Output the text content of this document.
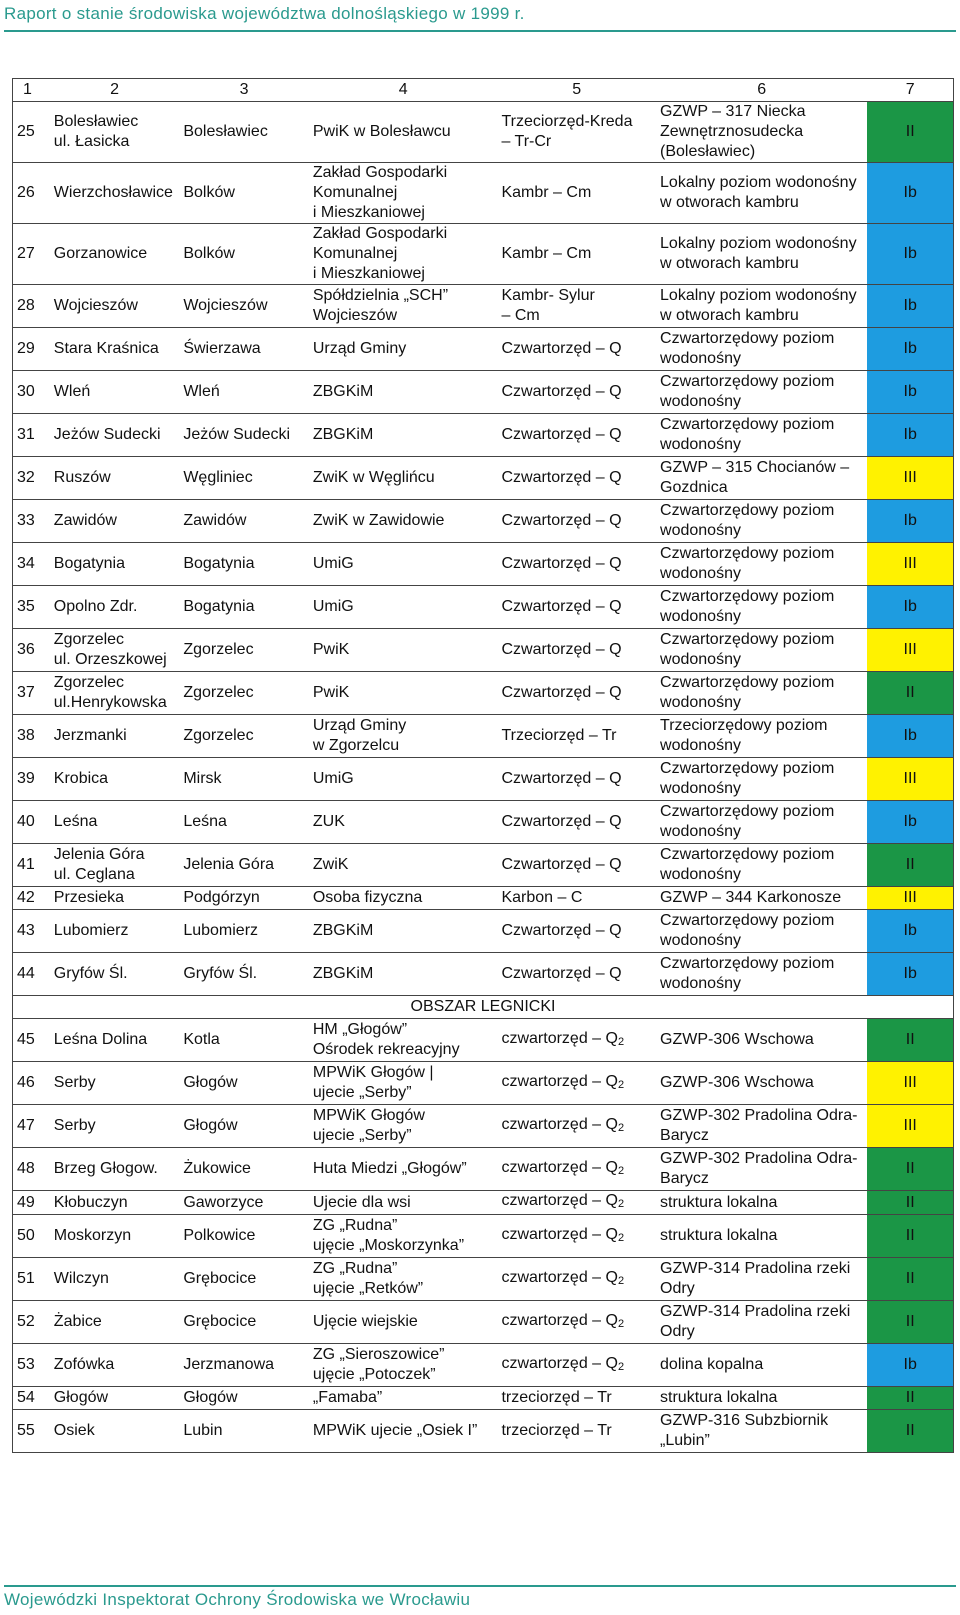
Raport o stanie środowiska województwa dolnośląskiego w 1999 r.
1	2	3	4	5	6	7
25	Bolesławiec
ul. Łasicka	Bolesławiec	PwiK w Bolesławcu	Trzeciorzęd-Kreda
– Tr-Cr	GZWP – 317 Niecka
Zewnętrznosudecka
(Bolesławiec)	II
26	Wierzchosławice	Bolków	Zakład Gospodarki
Komunalnej
i Mieszkaniowej	Kambr – Cm	Lokalny poziom wodonośny
w otworach kambru	Ib
27	Gorzanowice	Bolków	Zakład Gospodarki
Komunalnej
i Mieszkaniowej	Kambr – Cm	Lokalny poziom wodonośny
w otworach kambru	Ib
28	Wojcieszów	Wojcieszów	Spółdzielnia „SCH”
Wojcieszów	Kambr- Sylur
– Cm	Lokalny poziom wodonośny
w otworach kambru	Ib
29	Stara Kraśnica	Świerzawa	Urząd Gminy	Czwartorzęd – Q	Czwartorzędowy poziom
wodonośny	Ib
30	Wleń	Wleń	ZBGKiM	Czwartorzęd – Q	Czwartorzędowy poziom
wodonośny	Ib
31	Jeżów Sudecki	Jeżów Sudecki	ZBGKiM	Czwartorzęd – Q	Czwartorzędowy poziom
wodonośny	Ib
32	Ruszów	Węgliniec	ZwiK w Węglińcu	Czwartorzęd – Q	GZWP – 315 Chocianów –
Gozdnica	III
33	Zawidów	Zawidów	ZwiK w Zawidowie	Czwartorzęd – Q	Czwartorzędowy poziom
wodonośny	Ib
34	Bogatynia	Bogatynia	UmiG	Czwartorzęd – Q	Czwartorzędowy poziom
wodonośny	III
35	Opolno Zdr.	Bogatynia	UmiG	Czwartorzęd – Q	Czwartorzędowy poziom
wodonośny	Ib
36	Zgorzelec
ul. Orzeszkowej	Zgorzelec	PwiK	Czwartorzęd – Q	Czwartorzędowy poziom
wodonośny	III
37	Zgorzelec
ul.Henrykowska	Zgorzelec	PwiK	Czwartorzęd – Q	Czwartorzędowy poziom
wodonośny	II
38	Jerzmanki	Zgorzelec	Urząd Gminy
w Zgorzelcu	Trzeciorzęd – Tr	Trzeciorzędowy poziom
wodonośny	Ib
39	Krobica	Mirsk	UmiG	Czwartorzęd – Q	Czwartorzędowy poziom
wodonośny	III
40	Leśna	Leśna	ZUK	Czwartorzęd – Q	Czwartorzędowy poziom
wodonośny	Ib
41	Jelenia Góra
ul. Ceglana	Jelenia Góra	ZwiK	Czwartorzęd – Q	Czwartorzędowy poziom
wodonośny	II
42	Przesieka	Podgórzyn	Osoba fizyczna	Karbon – C	GZWP – 344 Karkonosze	III
43	Lubomierz	Lubomierz	ZBGKiM	Czwartorzęd – Q	Czwartorzędowy poziom
wodonośny	Ib
44	Gryfów Śl.	Gryfów Śl.	ZBGKiM	Czwartorzęd – Q	Czwartorzędowy poziom
wodonośny	Ib
OBSZAR LEGNICKI						
45	Leśna Dolina	Kotla	HM „Głogów”
Ośrodek rekreacyjny	czwartorzęd – Q2	GZWP-306 Wschowa	II
46	Serby	Głogów	MPWiK Głogów |
ujecie „Serby”	czwartorzęd – Q2	GZWP-306 Wschowa	III
47	Serby	Głogów	MPWiK Głogów
ujecie „Serby”	czwartorzęd – Q2	GZWP-302 Pradolina Odra-
Barycz	III
48	Brzeg Głogow.	Żukowice	Huta Miedzi „Głogów”	czwartorzęd – Q2	GZWP-302 Pradolina Odra-
Barycz	II
49	Kłobuczyn	Gaworzyce	Ujecie dla wsi	czwartorzęd – Q2	struktura lokalna	II
50	Moskorzyn	Polkowice	ZG „Rudna”
ujęcie „Moskorzynka”	czwartorzęd – Q2	struktura lokalna	II
51	Wilczyn	Grębocice	ZG „Rudna”
ujęcie „Retków”	czwartorzęd – Q2	GZWP-314 Pradolina rzeki
Odry	II
52	Żabice	Grębocice	Ujęcie wiejskie	czwartorzęd – Q2	GZWP-314 Pradolina rzeki
Odry	II
53	Zofówka	Jerzmanowa	ZG „Sieroszowice”
ujęcie „Potoczek”	czwartorzęd – Q2	dolina kopalna	Ib
54	Głogów	Głogów	„Famaba”	trzeciorzęd – Tr	struktura lokalna	II
55	Osiek	Lubin	MPWiK ujecie „Osiek I”	trzeciorzęd – Tr	GZWP-316 Subzbiornik
„Lubin”	II
Wojewódzki Inspektorat Ochrony Środowiska we Wrocławiu
